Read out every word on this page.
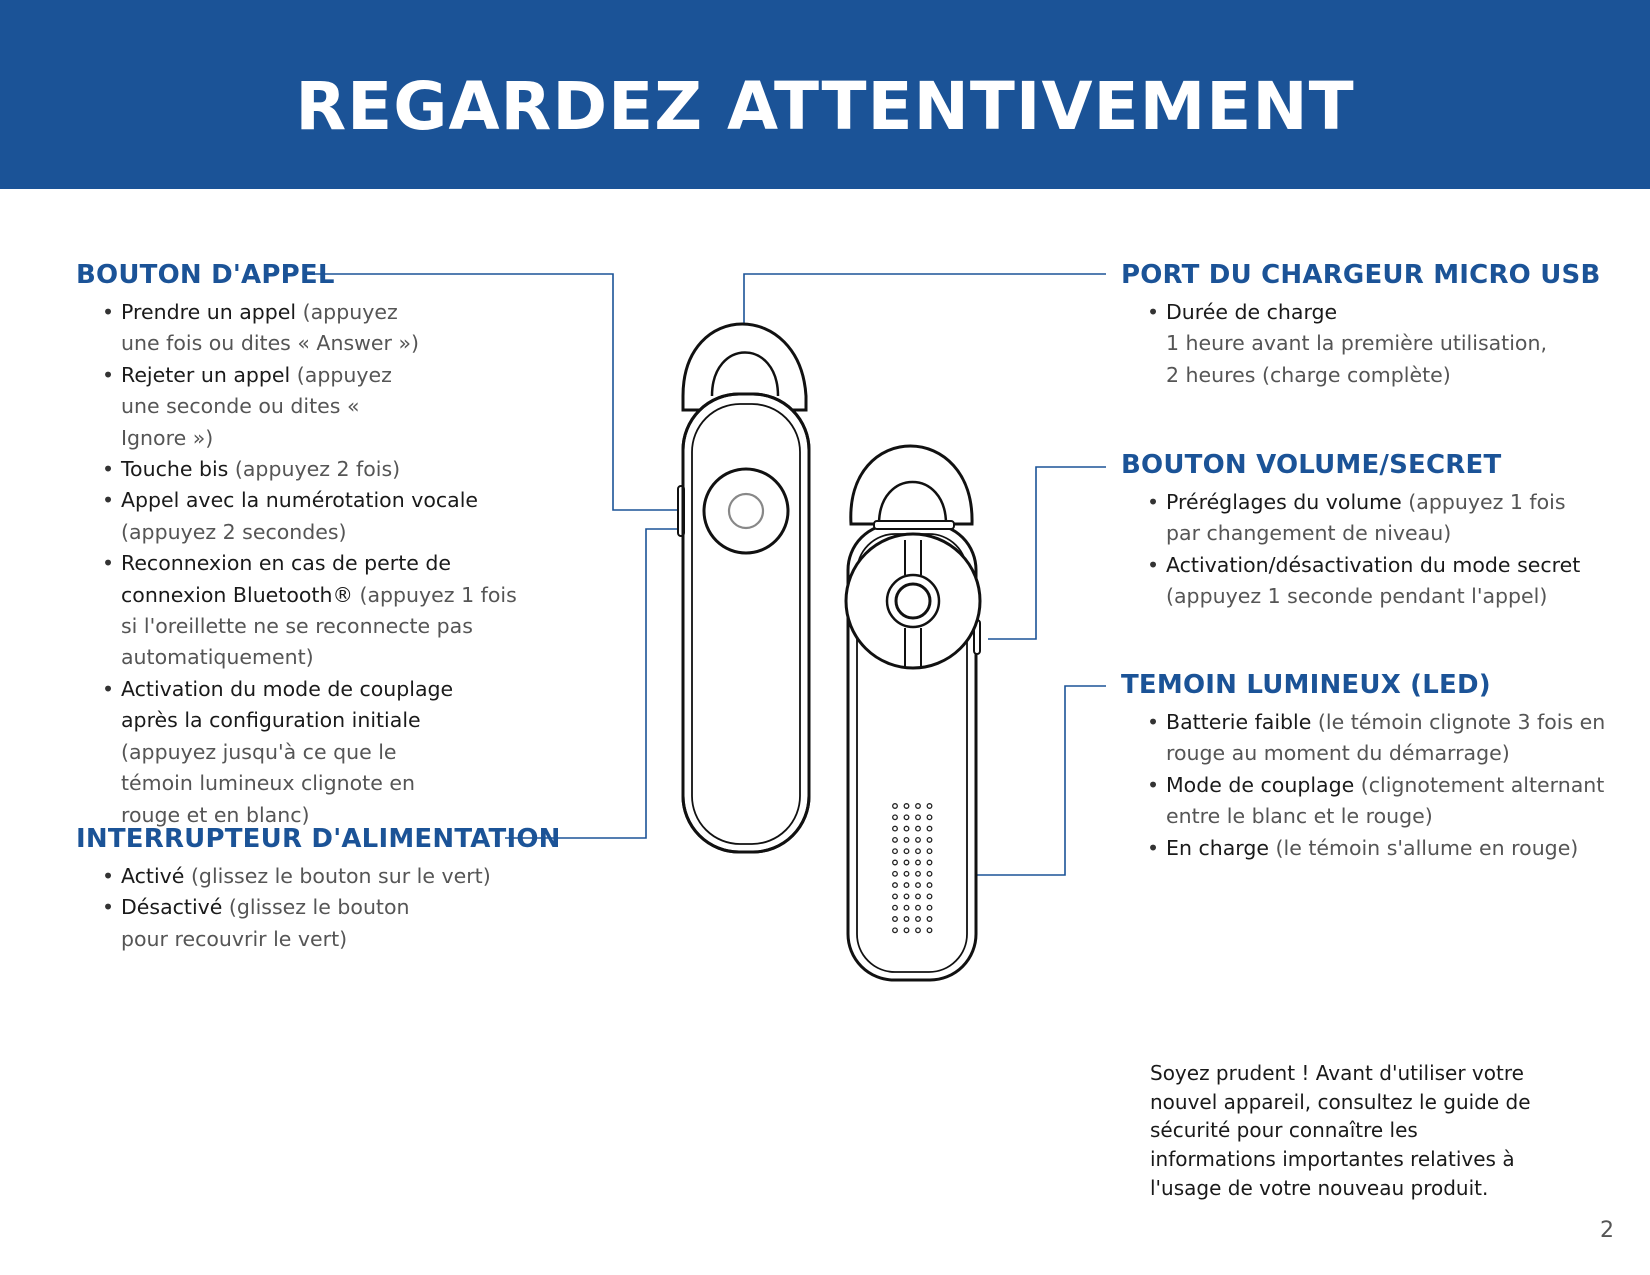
REGARDEZ ATTENTIVEMENT
BOUTON D'APPEL
• Prendre un appel (appuyez une fois ou dites « Answer »)
• Rejeter un appel (appuyez une seconde ou dites « Ignore »)
• Touche bis (appuyez 2 fois)
• Appel avec la numérotation vocale (appuyez 2 secondes)
• Reconnexion en cas de perte de connexion Bluetooth® (appuyez 1 fois si l'oreillette ne se reconnecte pas automatiquement)
• Activation du mode de couplage après la configuration initiale (appuyez jusqu'à ce que le témoin lumineux clignote en rouge et en blanc)
INTERRUPTEUR D'ALIMENTATION
• Activé (glissez le bouton sur le vert)
• Désactivé (glissez le bouton pour recouvrir le vert)
PORT DU CHARGEUR MICRO USB
• Durée de charge
1 heure avant la première utilisation,
2 heures (charge complète)
BOUTON VOLUME/SECRET
• Préréglages du volume (appuyez 1 fois par changement de niveau)
• Activation/désactivation du mode secret (appuyez 1 seconde pendant l'appel)
TEMOIN LUMINEUX (LED)
• Batterie faible (le témoin clignote 3 fois en rouge au moment du démarrage)
• Mode de couplage (clignotement alternant entre le blanc et le rouge)
• En charge (le témoin s'allume en rouge)
Soyez prudent ! Avant d'utiliser votre nouvel appareil, consultez le guide de sécurité pour connaître les informations importantes relatives à l'usage de votre nouveau produit.
2
